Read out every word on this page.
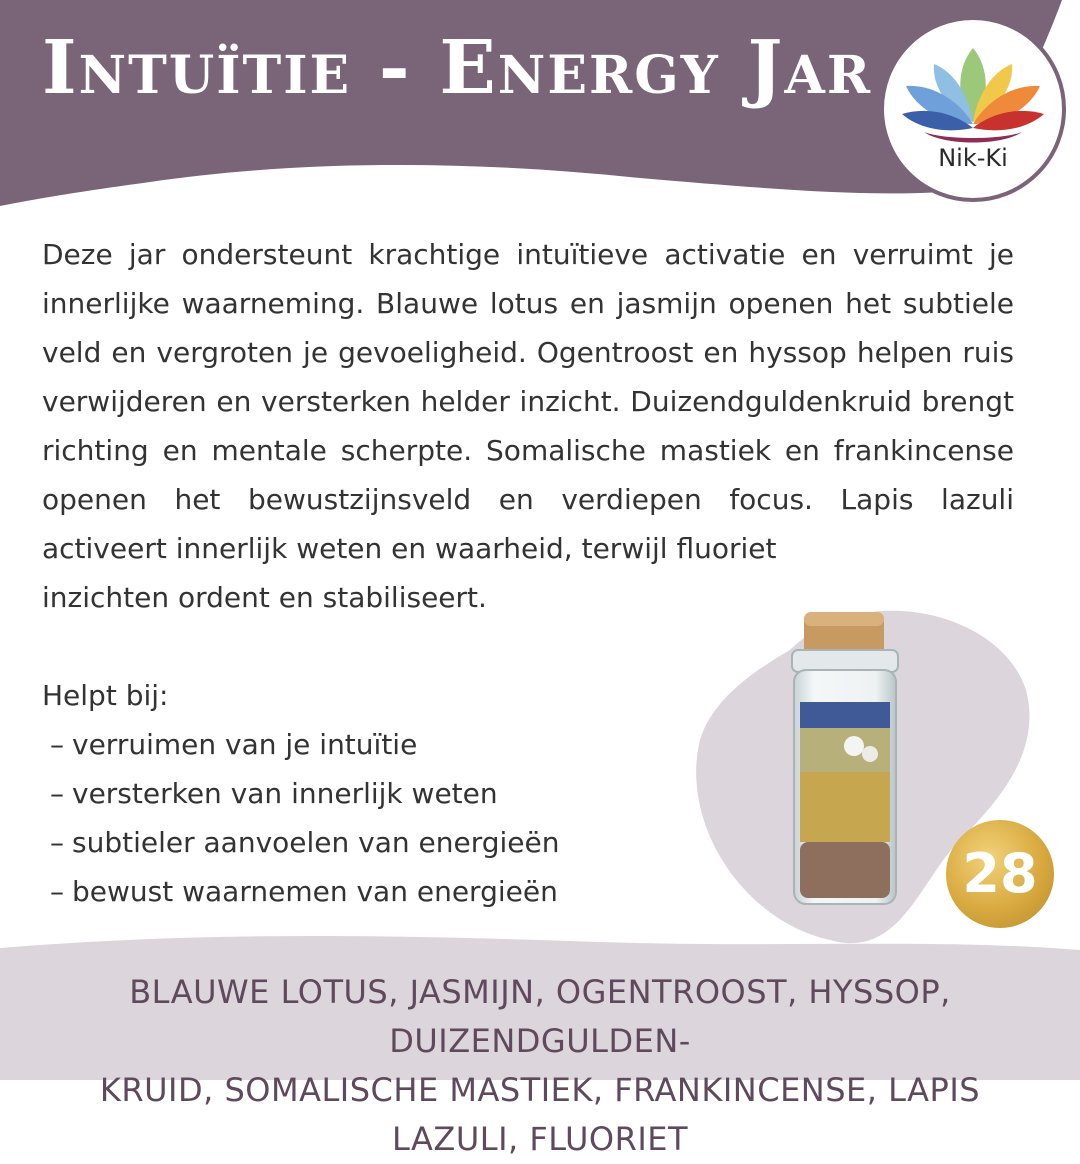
Intuïtie - Energy Jar
Nik-Ki

Deze jar ondersteunt krachtige intuïtieve activatie en verruimt je innerlijke waarneming. Blauwe lotus en jasmijn openen het subtiele veld en vergroten je gevoeligheid. Ogentroost en hyssop helpen ruis verwijderen en versterken helder inzicht. Duizendguldenkruid brengt richting en mentale scherpte. Somalische mastiek en frankincense openen het bewustzijnsveld en verdiepen focus. Lapis lazuli activeert innerlijk weten en waarheid, terwijl fluoriet

inzichten ordent en stabiliseert.

Helpt bij:

– verruimen van je intuïtie
– versterken van innerlijk weten
– subtieler aanvoelen van energieën
– bewust waarnemen van energieën	28
BLAUWE LOTUS, JASMIJN, OGENTROOST, HYSSOP, DUIZENDGULDEN-
KRUID, SOMALISCHE MASTIEK, FRANKINCENSE, LAPIS LAZULI, FLUORIET
